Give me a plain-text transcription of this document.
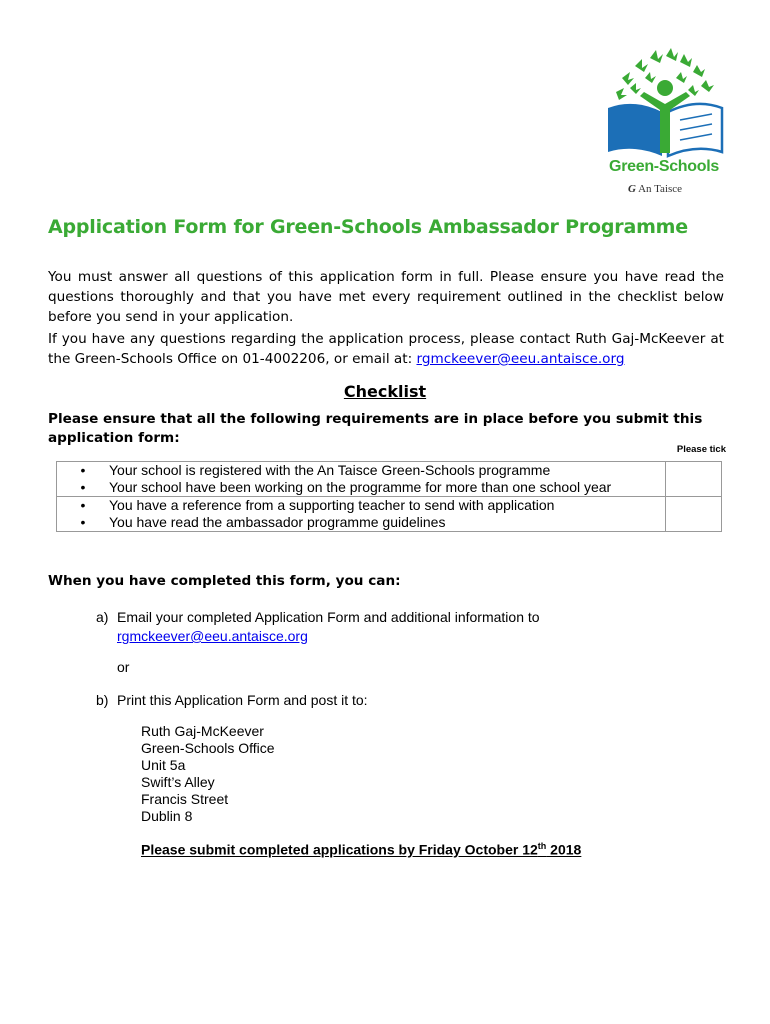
Green-Schools
G An Taisce
Application Form for Green-Schools Ambassador Programme
You must answer all questions of this application form in full. Please ensure you have read the questions thoroughly and that you have met every requirement outlined in the checklist below before you send in your application.
If you have any questions regarding the application process, please contact Ruth Gaj-McKeever at the Green-Schools Office on 01-4002206, or email at: rgmckeever@eeu.antaisce.org
Checklist
Please ensure that all the following requirements are in place before you submit this application form:
Please tick
• Your school is registered with the An Taisce Green-Schools programme
• Your school have been working on the programme for more than one school year	

• You have a reference from a supporting teacher to send with application
• You have read the ambassador programme guidelines	

When you have completed this form, you can:
a) Email your completed Application Form and additional information to
rgmckeever@eeu.antaisce.org
or
b) Print this Application Form and post it to:
Ruth Gaj-McKeever
Green-Schools Office
Unit 5a
Swift’s Alley
Francis Street
Dublin 8
Please submit completed applications by Friday October 12th 2018
